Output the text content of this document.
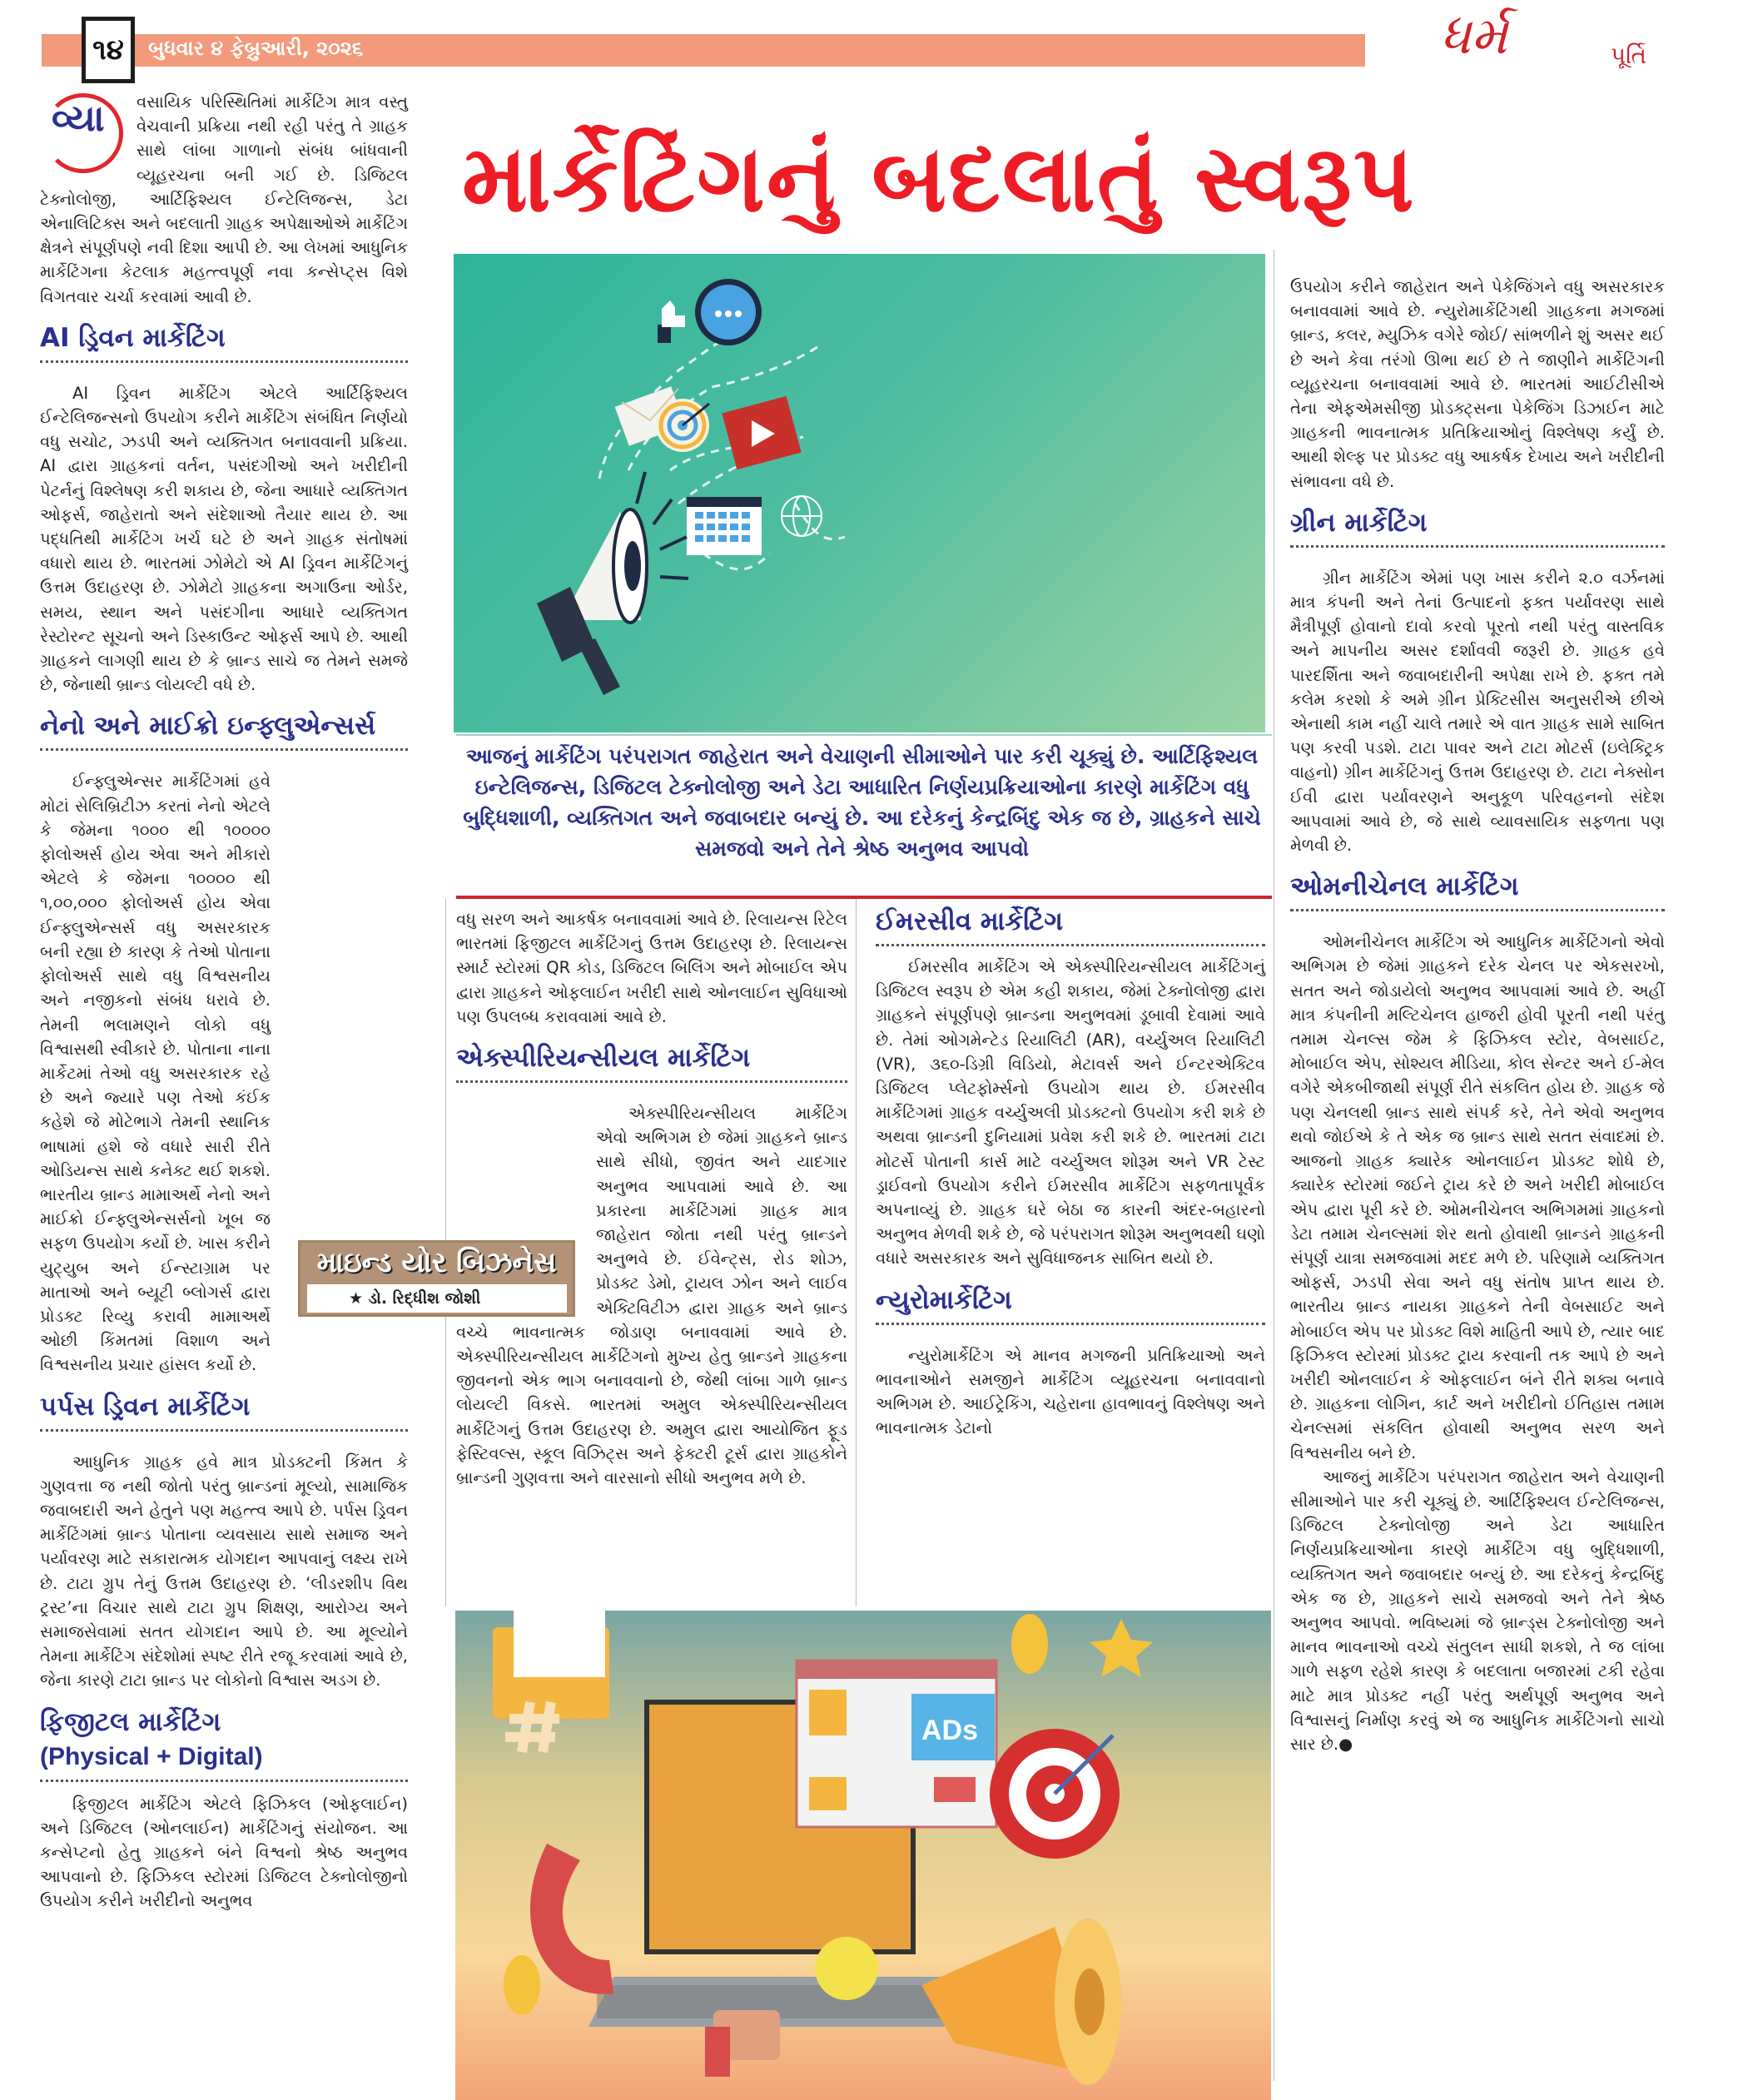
૧૪	બુધવાર ૪ ફેબ્રુઆરી, ૨૦૨૬	ધર્મ	પૂર્તિ
માર્કેટિંગનું બદલાતું સ્વરૂપ
વ્યા	વસાયિક પરિસ્થિતિમાં માર્કેટિંગ માત્ર વસ્તુ વેચવાની પ્રક્રિયા નથી રહી પરંતુ તે ગ્રાહક સાથે લાંબા ગાળાનો સંબંધ બાંધવાની વ્યૂહરચના બની ગઈ છે. ડિજિટલ ટેક્નોલોજી, આર્ટિફિશ્યલ ઈન્ટેલિજન્સ, ડેટા એનાલિટિક્સ અને બદલાતી ગ્રાહક અપેક્ષાઓએ માર્કેટિંગ ક્ષેત્રને સંપૂર્ણપણે નવી દિશા આપી છે. આ લેખમાં આધુનિક માર્કેટિંગના કેટલાક મહત્ત્વપૂર્ણ નવા કન્સેપ્ટ્સ વિશે વિગતવાર ચર્ચા કરવામાં આવી છે.

AI ડ્રિવન માર્કેટિંગ

AI ડ્રિવન માર્કેટિંગ એટલે આર્ટિફિશ્યલ ઈન્ટેલિજન્સનો ઉપયોગ કરીને માર્કેટિંગ સંબંધિત નિર્ણયો વધુ સચોટ, ઝડપી અને વ્યક્તિગત બનાવવાની પ્રક્રિયા. AI દ્વારા ગ્રાહકનાં વર્તન, પસંદગીઓ અને ખરીદીની પેટર્નનું વિશ્લેષણ કરી શકાય છે, જેના આધારે વ્યક્તિગત ઓફર્સ, જાહેરાતો અને સંદેશાઓ તૈયાર થાય છે. આ પદ્ધતિથી માર્કેટિંગ ખર્ચ ઘટે છે અને ગ્રાહક સંતોષમાં વધારો થાય છે. ભારતમાં ઝોમેટો એ AI ડ્રિવન માર્કેટિંગનું ઉત્તમ ઉદાહરણ છે. ઝોમેટો ગ્રાહકના અગાઉના ઓર્ડર, સમય, સ્થાન અને પસંદગીના આધારે વ્યક્તિગત રેસ્ટોરન્ટ સૂચનો અને ડિસ્કાઉન્ટ ઓફર્સ આપે છે. આથી ગ્રાહકને લાગણી થાય છે કે બ્રાન્ડ સાચે જ તેમને સમજે છે, જેનાથી બ્રાન્ડ લોયલ્ટી વધે છે.

નેનો અને માઈક્રો ઇન્ફ્લુએન્સર્સ

ઈન્ફ્લુએન્સર માર્કેટિંગમાં હવે મોટાં સેલિબ્રિટીઝ કરતાં નેનો એટલે કે જેમના ૧૦૦૦ થી ૧૦૦૦૦ ફોલોઅર્સ હોય એવા અને મીકારો એટલે કે જેમના ૧૦૦૦૦ થી ૧,૦૦,૦૦૦ ફોલોઅર્સ હોય એવા ઈન્ફ્લુએન્સર્સ વધુ અસરકારક બની રહ્યા છે કારણ કે તેઓ પોતાના ફોલોઅર્સ સાથે વધુ વિશ્વસનીય અને નજીકનો સંબંધ ધરાવે છે. તેમની ભલામણને લોકો વધુ વિશ્વાસથી સ્વીકારે છે. પોતાના નાના માર્કેટમાં તેઓ વધુ અસરકારક રહે છે અને જ્યારે પણ તેઓ કંઈક કહેશે જે મોટેભાગે તેમની સ્થાનિક ભાષામાં હશે જે વધારે સારી રીતે ઓડિયન્સ સાથે કનેક્ટ થઈ શકશે. ભારતીય બ્રાન્ડ મામાઅર્થે નેનો અને માઈક્રો ઈન્ફ્લુએન્સર્સનો ખૂબ જ સફળ ઉપયોગ કર્યો છે. ખાસ કરીને યુટ્યુબ અને ઈન્સ્ટાગ્રામ પર માતાઓ અને બ્યૂટી બ્લોગર્સ દ્વારા પ્રોડક્ટ રિવ્યુ કરાવી મામાઅર્થે ઓછી કિંમતમાં વિશાળ અને વિશ્વસનીય પ્રચાર હાંસલ કર્યો છે.

પર્પસ ડ્રિવન માર્કેટિંગ

આધુનિક ગ્રાહક હવે માત્ર પ્રોડક્ટની કિંમત કે ગુણવત્તા જ નથી જોતો પરંતુ બ્રાન્ડનાં મૂલ્યો, સામાજિક જવાબદારી અને હેતુને પણ મહત્ત્વ આપે છે. પર્પસ ડ્રિવન માર્કેટિંગમાં બ્રાન્ડ પોતાના વ્યવસાય સાથે સમાજ અને પર્યાવરણ માટે સકારાત્મક યોગદાન આપવાનું લક્ષ્ય રાખે છે. ટાટા ગ્રુપ તેનું ઉત્તમ ઉદાહરણ છે. ‘લીડરશીપ વિથ ટ્રસ્ટ’ના વિચાર સાથે ટાટા ગ્રુપ શિક્ષણ, આરોગ્ય અને સમાજસેવામાં સતત યોગદાન આપે છે. આ મૂલ્યોને તેમના માર્કેટિંગ સંદેશોમાં સ્પષ્ટ રીતે રજૂ કરવામાં આવે છે, જેના કારણે ટાટા બ્રાન્ડ પર લોકોનો વિશ્વાસ અડગ છે.

ફિજીટલ માર્કેટિંગ
(Physical + Digital)

ફિજીટલ માર્કેટિંગ એટલે ફિઝિકલ (ઓફલાઈન) અને ડિજિટલ (ઓનલાઈન) માર્કેટિંગનું સંયોજન. આ કન્સેપ્ટનો હેતુ ગ્રાહકને બંને વિશ્વનો શ્રેષ્ઠ અનુભવ આપવાનો છે. ફિઝિકલ સ્ટોરમાં ડિજિટલ ટેક્નોલોજીનો ઉપયોગ કરીને ખરીદીનો અનુભવ

આજનું માર્કેટિંગ પરંપરાગત જાહેરાત અને વેચાણની સીમાઓને પાર કરી ચૂક્યું છે. આર્ટિફિશ્યલ ઇન્ટેલિજન્સ, ડિજિટલ ટેક્નોલોજી અને ડેટા આધારિત નિર્ણયપ્રક્રિયાઓના કારણે માર્કેટિંગ વધુ બુદ્ધિશાળી, વ્યક્તિગત અને જવાબદાર બન્યું છે. આ દરેકનું કેન્દ્રબિંદુ એક જ છે, ગ્રાહકને સાચે સમજવો અને તેને શ્રેષ્ઠ અનુભવ આપવો

વધુ સરળ અને આકર્ષક બનાવવામાં આવે છે. રિલાયન્સ રિટેલ ભારતમાં ફિજીટલ માર્કેટિંગનું ઉત્તમ ઉદાહરણ છે. રિલાયન્સ સ્માર્ટ સ્ટોરમાં QR કોડ, ડિજિટલ બિલિંગ અને મોબાઈલ એપ દ્વારા ગ્રાહકને ઓફલાઈન ખરીદી સાથે ઓનલાઈન સુવિધાઓ પણ ઉપલબ્ધ કરાવવામાં આવે છે.

એક્સ્પીરિયન્સીયલ માર્કેટિંગ

એક્સ્પીરિયન્સીયલ માર્કેટિંગ એવો અભિગમ છે જેમાં ગ્રાહકને બ્રાન્ડ સાથે સીધો, જીવંત અને યાદગાર અનુભવ આપવામાં આવે છે. આ પ્રકારના માર્કેટિંગમાં ગ્રાહક માત્ર જાહેરાત જોતા નથી પરંતુ બ્રાન્ડને અનુભવે છે. ઈવેન્ટ્સ, રોડ શોઝ, પ્રોડક્ટ ડેમો, ટ્રાયલ ઝોન અને લાઈવ એક્ટિવિટીઝ દ્વારા ગ્રાહક અને બ્રાન્ડ વચ્ચે ભાવનાત્મક જોડાણ બનાવવામાં આવે છે. એક્સ્પીરિયન્સીયલ માર્કેટિંગનો મુખ્ય હેતુ બ્રાન્ડને ગ્રાહકના જીવનનો એક ભાગ બનાવવાનો છે, જેથી લાંબા ગાળે બ્રાન્ડ લોયલ્ટી વિકસે. ભારતમાં અમુલ એક્સ્પીરિયન્સીયલ માર્કેટિંગનું ઉત્તમ ઉદાહરણ છે. અમુલ દ્વારા આયોજિત ફૂડ ફેસ્ટિવલ્સ, સ્કૂલ વિઝિટ્સ અને ફેક્ટરી ટૂર્સ દ્વારા ગ્રાહકોને બ્રાન્ડની ગુણવત્તા અને વારસાનો સીધો અનુભવ મળે છે.

માઇન્ડ યોર બિઝનેસ
★ ડો. રિદ્ધીશ જોશી
ઈમરસીવ માર્કેટિંગ

ઈમરસીવ માર્કેટિંગ એ એક્સ્પીરિયન્સીયલ માર્કેટિંગનું ડિજિટલ સ્વરૂપ છે એમ કહી શકાય, જેમાં ટેક્નોલોજી દ્વારા ગ્રાહકને સંપૂર્ણપણે બ્રાન્ડના અનુભવમાં ડૂબાવી દેવામાં આવે છે. તેમાં ઓગમેન્ટેડ રિયાલિટી (AR), વર્ચ્યુઅલ રિયાલિટી (VR), ૩૬૦-ડિગ્રી વિડિયો, મેટાવર્સ અને ઈન્ટરએક્ટિવ ડિજિટલ પ્લેટફોર્મ્સનો ઉપયોગ થાય છે. ઈમરસીવ માર્કેટિંગમાં ગ્રાહક વર્ચ્યુઅલી પ્રોડક્ટનો ઉપયોગ કરી શકે છે અથવા બ્રાન્ડની દુનિયામાં પ્રવેશ કરી શકે છે. ભારતમાં ટાટા મોટર્સે પોતાની કાર્સ માટે વર્ચ્યુઅલ શોરૂમ અને VR ટેસ્ટ ડ્રાઈવનો ઉપયોગ કરીને ઈમરસીવ માર્કેટિંગ સફળતાપૂર્વક અપનાવ્યું છે. ગ્રાહક ઘરે બેઠા જ કારની અંદર-બહારનો અનુભવ મેળવી શકે છે, જે પરંપરાગત શોરૂમ અનુભવથી ઘણો વધારે અસરકારક અને સુવિધાજનક સાબિત થયો છે.

ન્યુરોમાર્કેટિંગ

ન્યુરોમાર્કેટિંગ એ માનવ મગજની પ્રતિક્રિયાઓ અને ભાવનાઓને સમજીને માર્કેટિંગ વ્યૂહરચના બનાવવાનો અભિગમ છે. આઈટ્રેકિંગ, ચહેરાના હાવભાવનું વિશ્લેષણ અને ભાવનાત્મક ડેટાનો

ADs

ઉપયોગ કરીને જાહેરાત અને પેકેજિંગને વધુ અસરકારક બનાવવામાં આવે છે. ન્યુરોમાર્કેટિંગથી ગ્રાહકના મગજમાં બ્રાન્ડ, કલર, મ્યુઝિક વગેરે જોઈ/ સાંભળીને શું અસર થઈ છે અને કેવા તરંગો ઊભા થઈ છે તે જાણીને માર્કેટિંગની વ્યૂહરચના બનાવવામાં આવે છે. ભારતમાં આઈટીસીએ તેના એફએમસીજી પ્રોડક્ટ્સના પેકેજિંગ ડિઝાઈન માટે ગ્રાહકની ભાવનાત્મક પ્રતિક્રિયાઓનું વિશ્લેષણ કર્યું છે. આથી શેલ્ફ પર પ્રોડક્ટ વધુ આકર્ષક દેખાય અને ખરીદીની સંભાવના વધે છે.

ગ્રીન માર્કેટિંગ

ગ્રીન માર્કેટિંગ એમાં પણ ખાસ કરીને ૨.૦ વર્ઝનમાં માત્ર કંપની અને તેનાં ઉત્પાદનો ફક્ત પર્યાવરણ સાથે મૈત્રીપૂર્ણ હોવાનો દાવો કરવો પૂરતો નથી પરંતુ વાસ્તવિક અને માપનીય અસર દર્શાવવી જરૂરી છે. ગ્રાહક હવે પારદર્શિતા અને જવાબદારીની અપેક્ષા રાખે છે. ફક્ત તમે કલેમ કરશો કે અમે ગ્રીન પ્રેક્ટિસીસ અનુસરીએ છીએ એનાથી કામ નહીં ચાલે તમારે એ વાત ગ્રાહક સામે સાબિત પણ કરવી પડશે. ટાટા પાવર અને ટાટા મોટર્સ (ઇલેક્ટ્રિક વાહનો) ગ્રીન માર્કેટિંગનું ઉત્તમ ઉદાહરણ છે. ટાટા નેક્સોન ઈવી દ્વારા પર્યાવરણને અનુકૂળ પરિવહનનો સંદેશ આપવામાં આવે છે, જે સાથે વ્યાવસાયિક સફળતા પણ મેળવી છે.

ઓમનીચેનલ માર્કેટિંગ

ઓમનીચેનલ માર્કેટિંગ એ આધુનિક માર્કેટિંગનો એવો અભિગમ છે જેમાં ગ્રાહકને દરેક ચેનલ પર એકસરખો, સતત અને જોડાયેલો અનુભવ આપવામાં આવે છે. અહીં માત્ર કંપનીની મલ્ટિચેનલ હાજરી હોવી પૂરતી નથી પરંતુ તમામ ચેનલ્સ જેમ કે ફિઝિકલ સ્ટોર, વેબસાઈટ, મોબાઈલ એપ, સોશ્યલ મીડિયા, કોલ સેન્ટર અને ઈ-મેલ વગેરે એકબીજાથી સંપૂર્ણ રીતે સંકલિત હોય છે. ગ્રાહક જે પણ ચેનલથી બ્રાન્ડ સાથે સંપર્ક કરે, તેને એવો અનુભવ થવો જોઈએ કે તે એક જ બ્રાન્ડ સાથે સતત સંવાદમાં છે. આજનો ગ્રાહક ક્યારેક ઓનલાઈન પ્રોડક્ટ શોધે છે, ક્યારેક સ્ટોરમાં જઈને ટ્રાય કરે છે અને ખરીદી મોબાઈલ એપ દ્વારા પૂરી કરે છે. ઓમનીચેનલ અભિગમમાં ગ્રાહકનો ડેટા તમામ ચેનલ્સમાં શેર થતો હોવાથી બ્રાન્ડને ગ્રાહકની સંપૂર્ણ યાત્રા સમજવામાં મદદ મળે છે. પરિણામે વ્યક્તિગત ઓફર્સ, ઝડપી સેવા અને વધુ સંતોષ પ્રાપ્ત થાય છે. ભારતીય બ્રાન્ડ નાયકા ગ્રાહકને તેની વેબસાઈટ અને મોબાઈલ એપ પર પ્રોડક્ટ વિશે માહિતી આપે છે, ત્યાર બાદ ફિઝિકલ સ્ટોરમાં પ્રોડક્ટ ટ્રાય કરવાની તક આપે છે અને ખરીદી ઓનલાઈન કે ઓફલાઈન બંને રીતે શક્ય બનાવે છે. ગ્રાહકના લોગિન, કાર્ટ અને ખરીદીનો ઈતિહાસ તમામ ચેનલ્સમાં સંકલિત હોવાથી અનુભવ સરળ અને વિશ્વસનીય બને છે.

આજનું માર્કેટિંગ પરંપરાગત જાહેરાત અને વેચાણની સીમાઓને પાર કરી ચૂક્યું છે. આર્ટિફિશ્યલ ઈન્ટેલિજન્સ, ડિજિટલ ટેક્નોલોજી અને ડેટા આધારિત નિર્ણયપ્રક્રિયાઓના કારણે માર્કેટિંગ વધુ બુદ્ધિશાળી, વ્યક્તિગત અને જવાબદાર બન્યું છે. આ દરેકનું કેન્દ્રબિંદુ એક જ છે, ગ્રાહકને સાચે સમજવો અને તેને શ્રેષ્ઠ અનુભવ આપવો. ભવિષ્યમાં જે બ્રાન્ડ્સ ટેક્નોલોજી અને માનવ ભાવનાઓ વચ્ચે સંતુલન સાધી શકશે, તે જ લાંબા ગાળે સફળ રહેશે કારણ કે બદલાતા બજારમાં ટકી રહેવા માટે માત્ર પ્રોડક્ટ નહીં પરંતુ અર્થપૂર્ણ અનુભવ અને વિશ્વાસનું નિર્માણ કરવું એ જ આધુનિક માર્કેટિંગનો સાચો સાર છે.●
